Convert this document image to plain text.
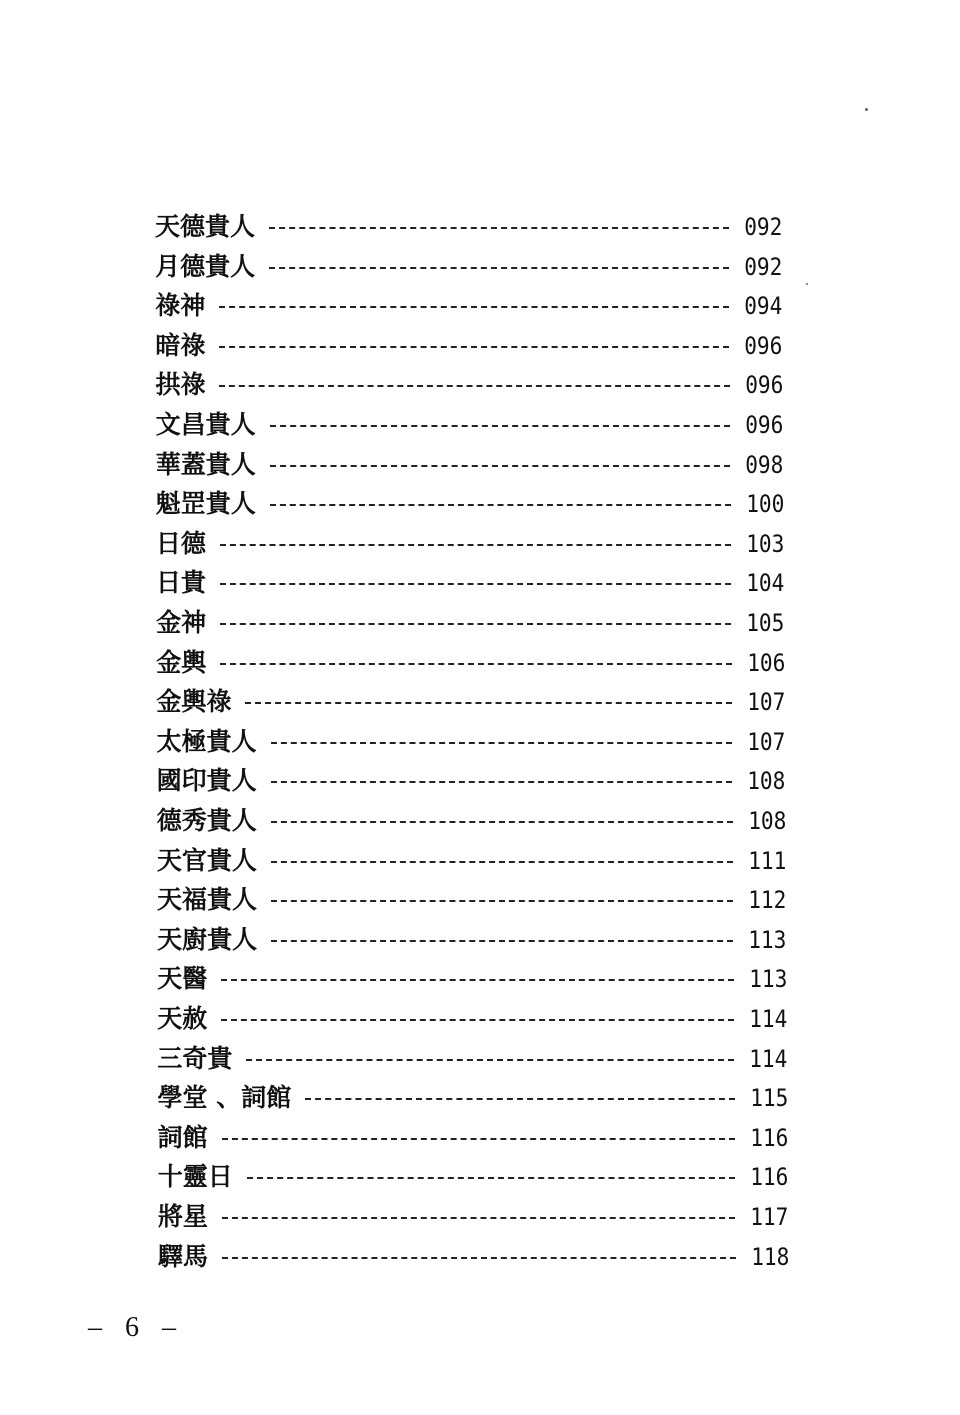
天德貴人	092
月德貴人	092
祿神	094
暗祿	096
拱祿	096
文昌貴人	096
華蓋貴人	098
魁罡貴人	100
日德	103
日貴	104
金神	105
金輿	106
金輿祿	107
太極貴人	107
國印貴人	108
德秀貴人	108
天官貴人	111
天福貴人	112
天廚貴人	113
天醫	113
天赦	114
三奇貴	114
學堂 、詞館	115
詞館	116
十靈日	116
將星	117
驛馬	118
– 6 –
